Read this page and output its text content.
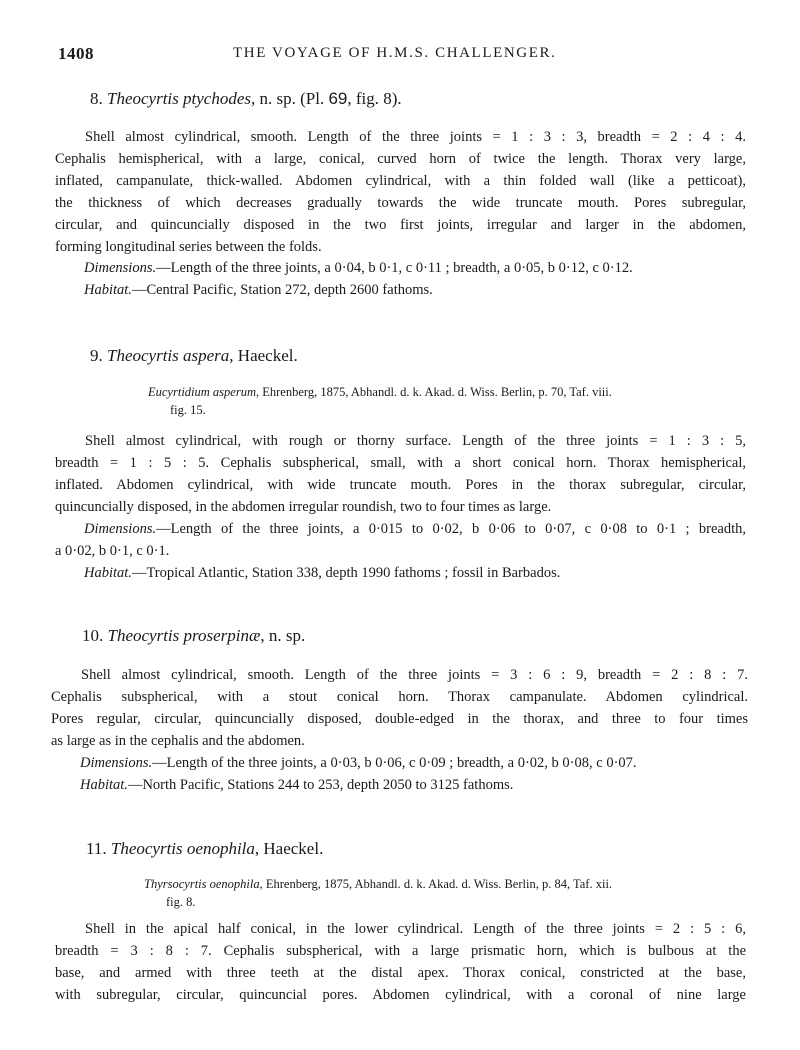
1408	THE VOYAGE OF H.M.S. CHALLENGER.
8. Theocyrtis ptychodes, n. sp. (Pl. 69, fig. 8).
Shell almost cylindrical, smooth. Length of the three joints = 1 : 3 : 3, breadth = 2 : 4 : 4.
Cephalis hemispherical, with a large, conical, curved horn of twice the length. Thorax very large,
inflated, campanulate, thick-walled. Abdomen cylindrical, with a thin folded wall (like a petticoat),
the thickness of which decreases gradually towards the wide truncate mouth. Pores subregular,
circular, and quincuncially disposed in the two first joints, irregular and larger in the abdomen,
forming longitudinal series between the folds.
Dimensions.—Length of the three joints, a 0·04, b 0·1, c 0·11 ; breadth, a 0·05, b 0·12, c 0·12.
Habitat.—Central Pacific, Station 272, depth 2600 fathoms.
9. Theocyrtis aspera, Haeckel.
Eucyrtidium asperum, Ehrenberg, 1875, Abhandl. d. k. Akad. d. Wiss. Berlin, p. 70, Taf. viii.
fig. 15.
Shell almost cylindrical, with rough or thorny surface. Length of the three joints = 1 : 3 : 5,
breadth = 1 : 5 : 5. Cephalis subspherical, small, with a short conical horn. Thorax hemispherical,
inflated. Abdomen cylindrical, with wide truncate mouth. Pores in the thorax subregular, circular,
quincuncially disposed, in the abdomen irregular roundish, two to four times as large.
Dimensions.—Length of the three joints, a 0·015 to 0·02, b 0·06 to 0·07, c 0·08 to 0·1 ; breadth,
a 0·02, b 0·1, c 0·1.
Habitat.—Tropical Atlantic, Station 338, depth 1990 fathoms ; fossil in Barbados.
10. Theocyrtis proserpinæ, n. sp.
Shell almost cylindrical, smooth. Length of the three joints = 3 : 6 : 9, breadth = 2 : 8 : 7.
Cephalis subspherical, with a stout conical horn. Thorax campanulate. Abdomen cylindrical.
Pores regular, circular, quincuncially disposed, double-edged in the thorax, and three to four times
as large as in the cephalis and the abdomen.
Dimensions.—Length of the three joints, a 0·03, b 0·06, c 0·09 ; breadth, a 0·02, b 0·08, c 0·07.
Habitat.—North Pacific, Stations 244 to 253, depth 2050 to 3125 fathoms.
11. Theocyrtis oenophila, Haeckel.
Thyrsocyrtis oenophila, Ehrenberg, 1875, Abhandl. d. k. Akad. d. Wiss. Berlin, p. 84, Taf. xii.
fig. 8.
Shell in the apical half conical, in the lower cylindrical. Length of the three joints = 2 : 5 : 6,
breadth = 3 : 8 : 7. Cephalis subspherical, with a large prismatic horn, which is bulbous at the
base, and armed with three teeth at the distal apex. Thorax conical, constricted at the base,
with subregular, circular, quincuncial pores. Abdomen cylindrical, with a coronal of nine large
